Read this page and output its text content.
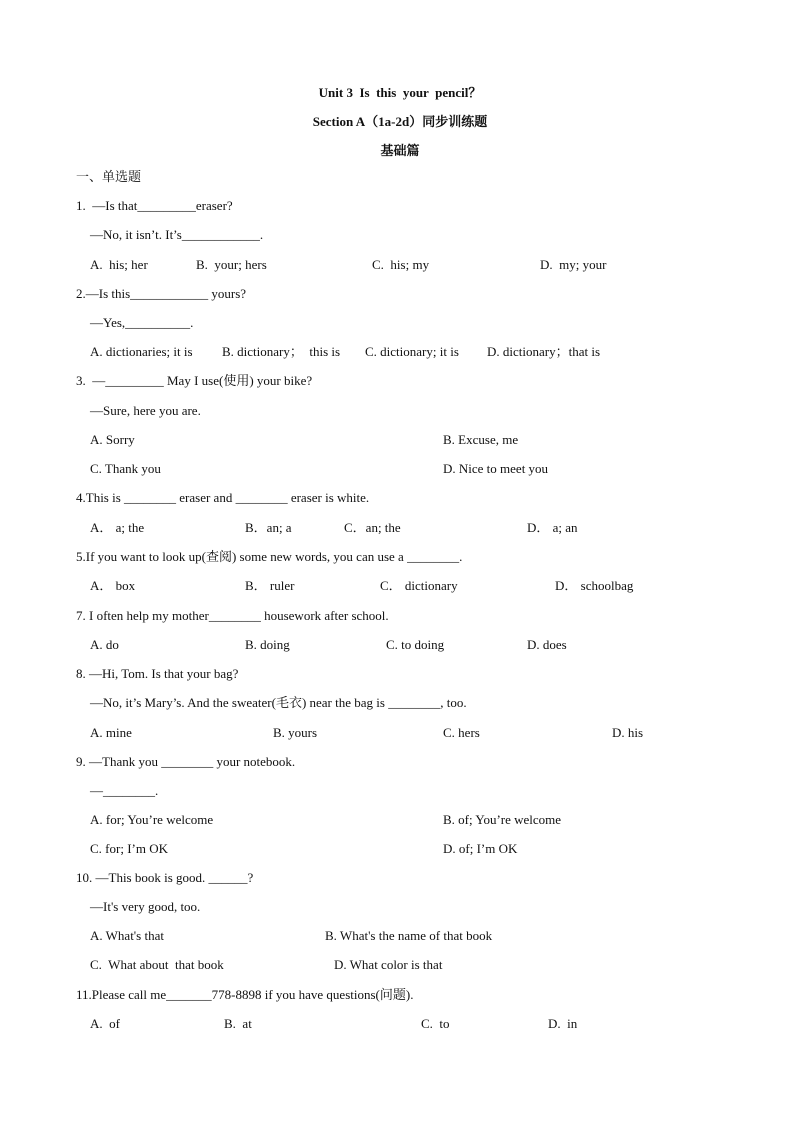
Unit 3  Is  this  your  pencil？
Section A（1a-2d）同步训练题
基础篇
一、单选题
1.  —Is that_________eraser?
—No, it isn’t. It’s____________.
A.  his; her	B.  your; hers	C.  his; my	D.  my; your
2.—Is this____________ yours?
—Yes,__________.
A. dictionaries; it is B. dictionary；  this is C. dictionary; it is D. dictionary；that is
3.  —_________ May I use(使用) your bike?
—Sure, here you are.
A. Sorry	B. Excuse, me
C. Thank you	D. Nice to meet you
4.This is ________ eraser and ________ eraser is white.
A． a; the	B．an; a	C．an; the	D． a; an
5.If you want to look up(查阅) some new words, you can use a ________.
A． box	B． ruler	C． dictionary	D． schoolbag
7. I often help my mother________ housework after school.
A. do	B. doing	C. to doing	D. does
8. —Hi, Tom. Is that your bag?
—No, it’s Mary’s. And the sweater(毛衣) near the bag is ________, too.
A. mine	B. yours	C. hers	D. his
9. —Thank you ________ your notebook.
—________.
A. for; You’re welcome	B. of; You’re welcome
C. for; I’m OK	D. of; I’m OK
10. —This book is good. ______?
—It's very good, too.
A. What's that	B. What's the name of that book
C.  What about  that book	D. What color is that
11.Please call me_______778-8898 if you have questions(问题).
A.  of	B.  at	C.  to	D.  in
